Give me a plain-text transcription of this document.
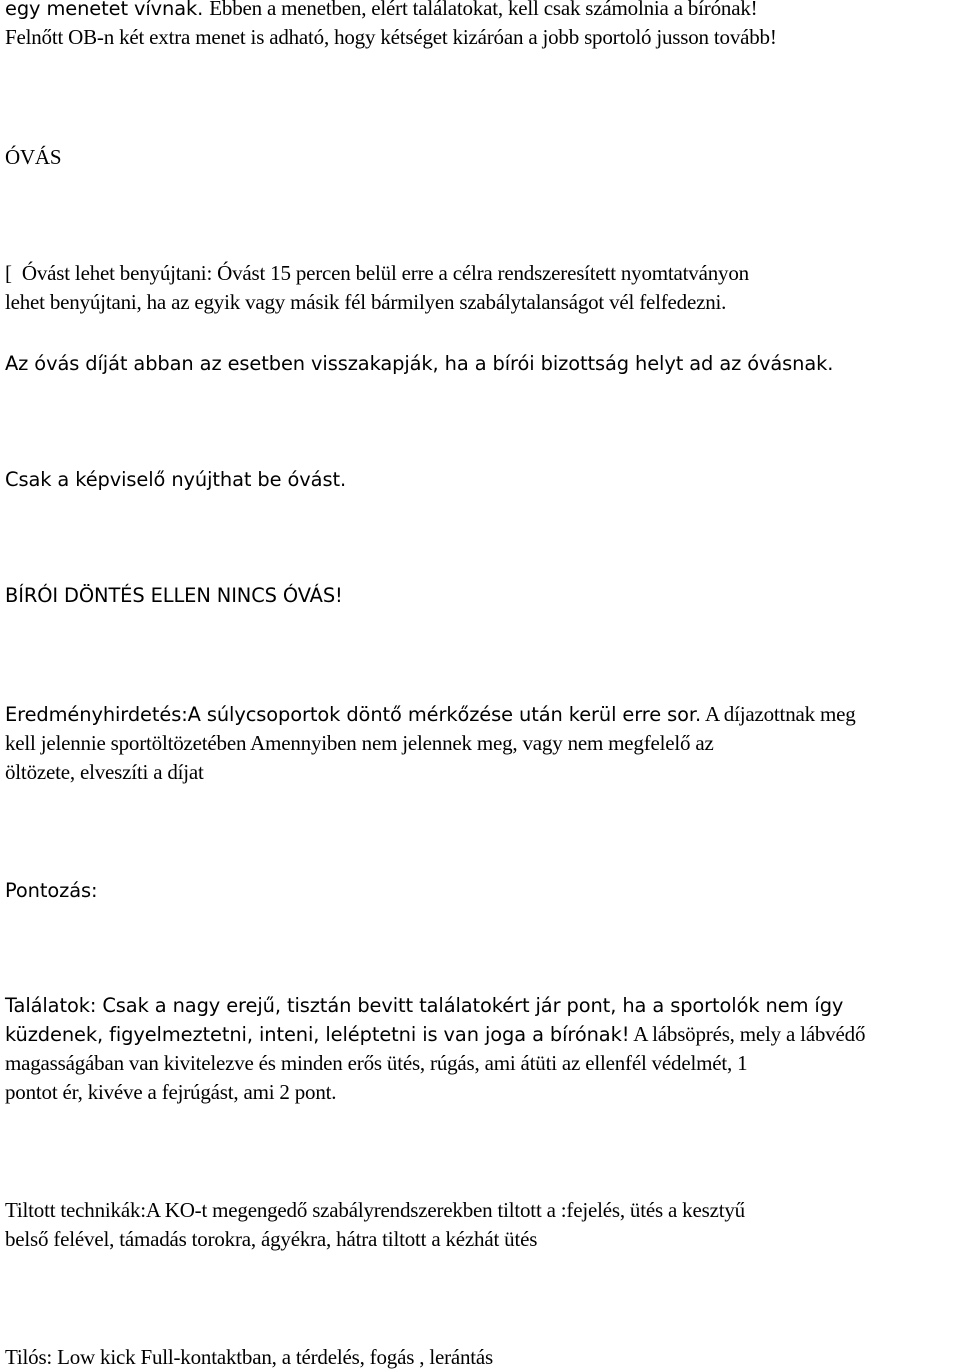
egy menetet vívnak. Ebben a menetben, elért találatokat, kell csak számolnia a bírónak!

Felnőtt OB-n két extra menet is adható, hogy kétséget kizáróan a jobb sportoló jusson tovább!

ÓVÁS

[  Óvást lehet benyújtani: Óvást 15 percen belül erre a célra rendszeresített nyomtatványon

lehet benyújtani, ha az egyik vagy másik fél bármilyen szabálytalanságot vél felfedezni.

Az óvás díját abban az esetben visszakapják, ha a bírói bizottság helyt ad az óvásnak.

Csak a képviselő nyújthat be óvást.

BÍRÓI DÖNTÉS ELLEN NINCS ÓVÁS!

Eredményhirdetés:A súlycsoportok döntő mérkőzése után kerül erre sor. A díjazottnak meg

kell jelennie sportöltözetében Amennyiben nem jelennek meg, vagy nem megfelelő az

öltözete, elveszíti a díjat

Pontozás:

Találatok: Csak a nagy erejű, tisztán bevitt találatokért jár pont, ha a sportolók nem így

küzdenek, figyelmeztetni, inteni, leléptetni is van joga a bírónak! A lábsöprés, mely a lábvédő

magasságában van kivitelezve és minden erős ütés, rúgás, ami átüti az ellenfél védelmét, 1

pontot ér, kivéve a fejrúgást, ami 2 pont.

Tiltott technikák:A KO-t megengedő szabályrendszerekben tiltott a :fejelés, ütés a kesztyű

belső felével, támadás torokra, ágyékra, hátra tiltott a kézhát ütés

Tilós: Low kick Full-kontaktban, a térdelés, fogás , lerántás
